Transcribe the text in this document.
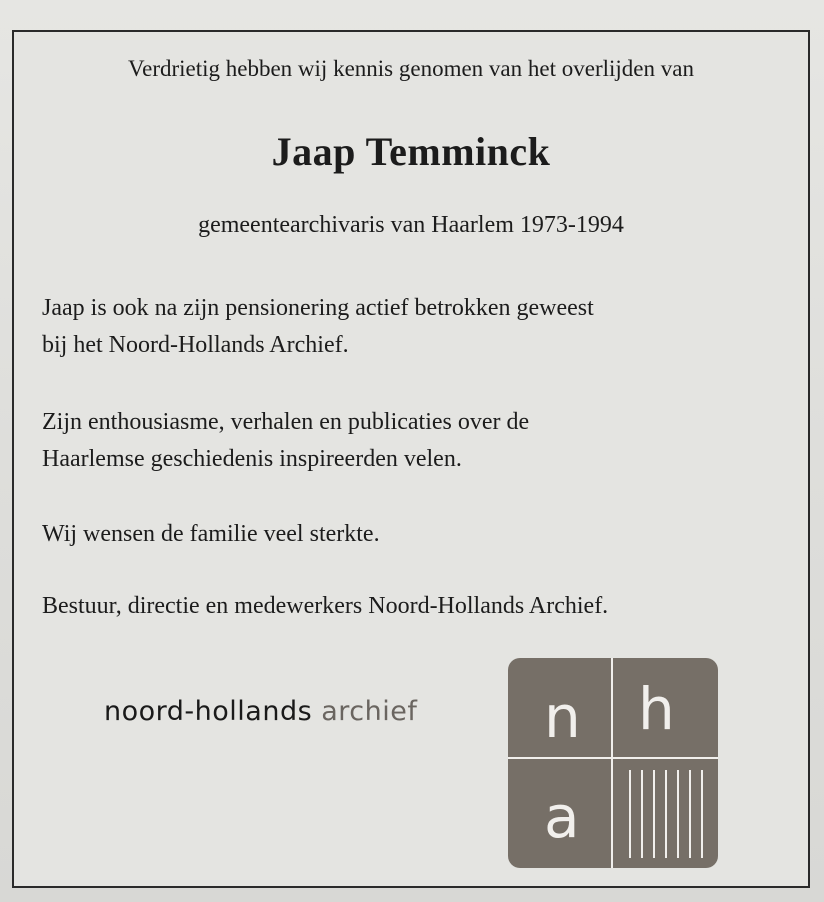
Verdrietig hebben wij kennis genomen van het overlijden van
Jaap Temminck
gemeentearchivaris van Haarlem 1973-1994

Jaap is ook na zijn pensionering actief betrokken geweest
bij het Noord-Hollands Archief.

Zijn enthousiasme, verhalen en publicaties over de
Haarlemse geschiedenis inspireerden velen.

Wij wensen de familie veel sterkte.

Bestuur, directie en medewerkers Noord-Hollands Archief.

noord-hollands archief n h
a
